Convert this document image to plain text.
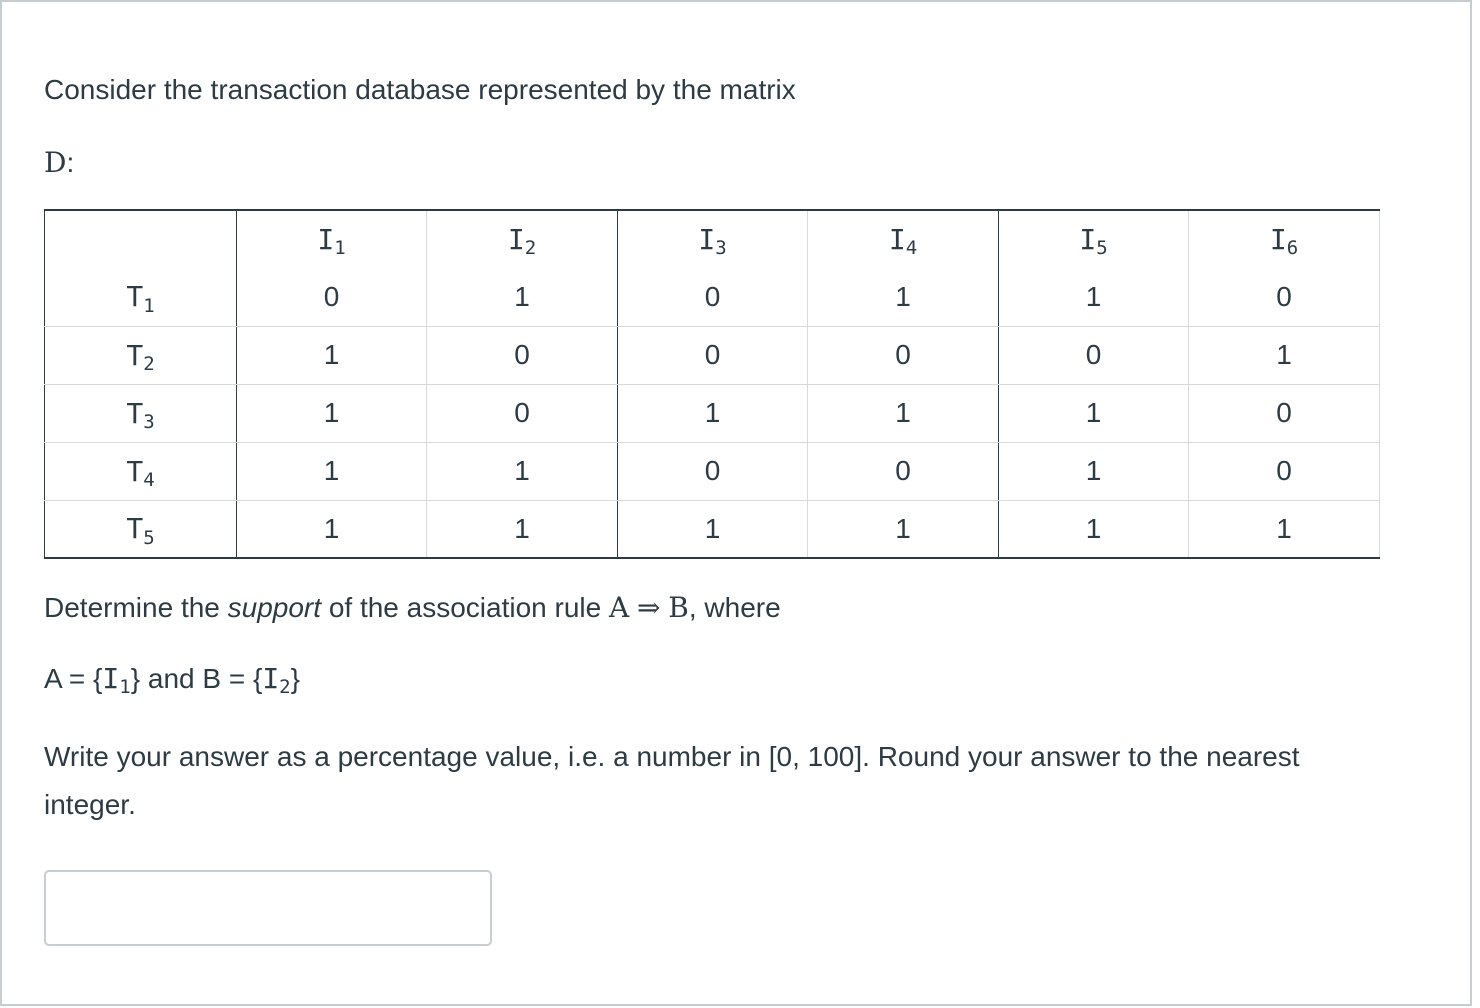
Consider the transaction database represented by the matrix
D:
	I1	I2	I3	I4	I5	I6
T1	0	1	0	1	1	0
T2	1	0	0	0	0	1
T3	1	0	1	1	1	0
T4	1	1	0	0	1	0
T5	1	1	1	1	1	1
Determine the support of the association rule A ⇒ B, where
A = {I1} and B = {I2}
Write your answer as a percentage value, i.e. a number in [0, 100]. Round your answer to the nearest integer.
